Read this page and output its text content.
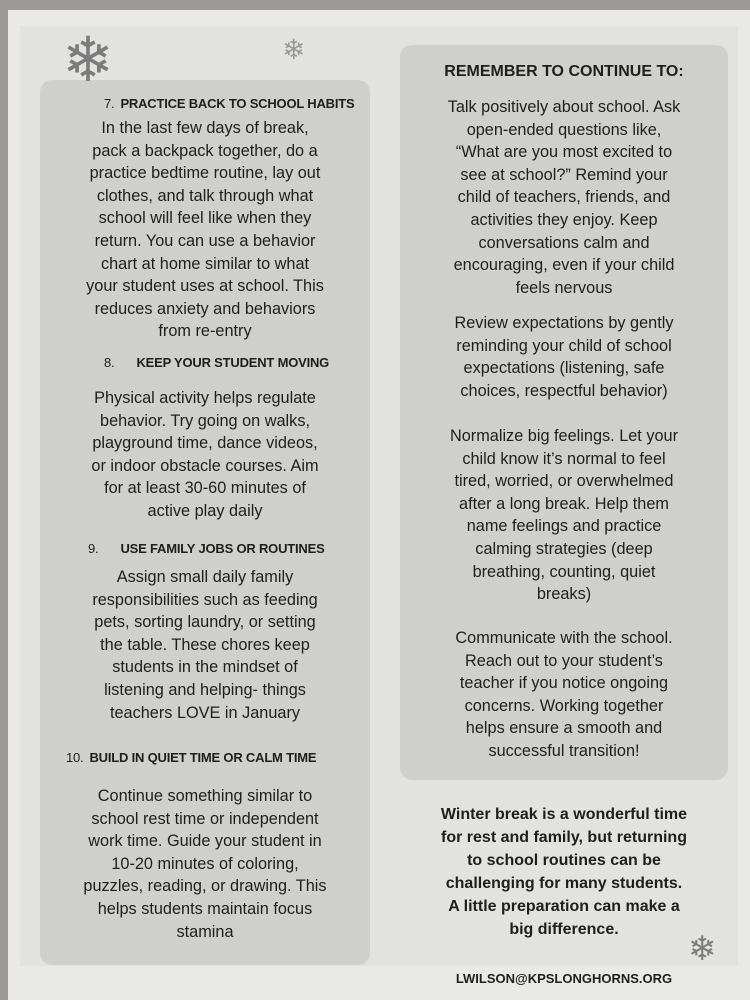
❄	❄
❄
7. PRACTICE BACK TO SCHOOL HABITS
In the last few days of break,
pack a backpack together, do a
practice bedtime routine, lay out
clothes, and talk through what
school will feel like when they
return. You can use a behavior
chart at home similar to what
your student uses at school. This
reduces anxiety and behaviors
from re-entry
8. KEEP YOUR STUDENT MOVING
Physical activity helps regulate
behavior. Try going on walks,
playground time, dance videos,
or indoor obstacle courses. Aim
for at least 30-60 minutes of
active play daily
9. USE FAMILY JOBS OR ROUTINES
Assign small daily family
responsibilities such as feeding
pets, sorting laundry, or setting
the table. These chores keep
students in the mindset of
listening and helping- things
teachers LOVE in January
10. BUILD IN QUIET TIME OR CALM TIME
Continue something similar to
school rest time or independent
work time. Guide your student in
10-20 minutes of coloring,
puzzles, reading, or drawing. This
helps students maintain focus
stamina
REMEMBER TO CONTINUE TO:
Talk positively about school. Ask
open-ended questions like,
“What are you most excited to
see at school?” Remind your
child of teachers, friends, and
activities they enjoy. Keep
conversations calm and
encouraging, even if your child
feels nervous
Review expectations by gently
reminding your child of school
expectations (listening, safe
choices, respectful behavior)
Normalize big feelings. Let your
child know it’s normal to feel
tired, worried, or overwhelmed
after a long break. Help them
name feelings and practice
calming strategies (deep
breathing, counting, quiet
breaks)
Communicate with the school.
Reach out to your student’s
teacher if you notice ongoing
concerns. Working together
helps ensure a smooth and
successful transition!
Winter break is a wonderful time
for rest and family, but returning
to school routines can be
challenging for many students.
A little preparation can make a
big difference.
LWILSON@KPSLONGHORNS.ORG
